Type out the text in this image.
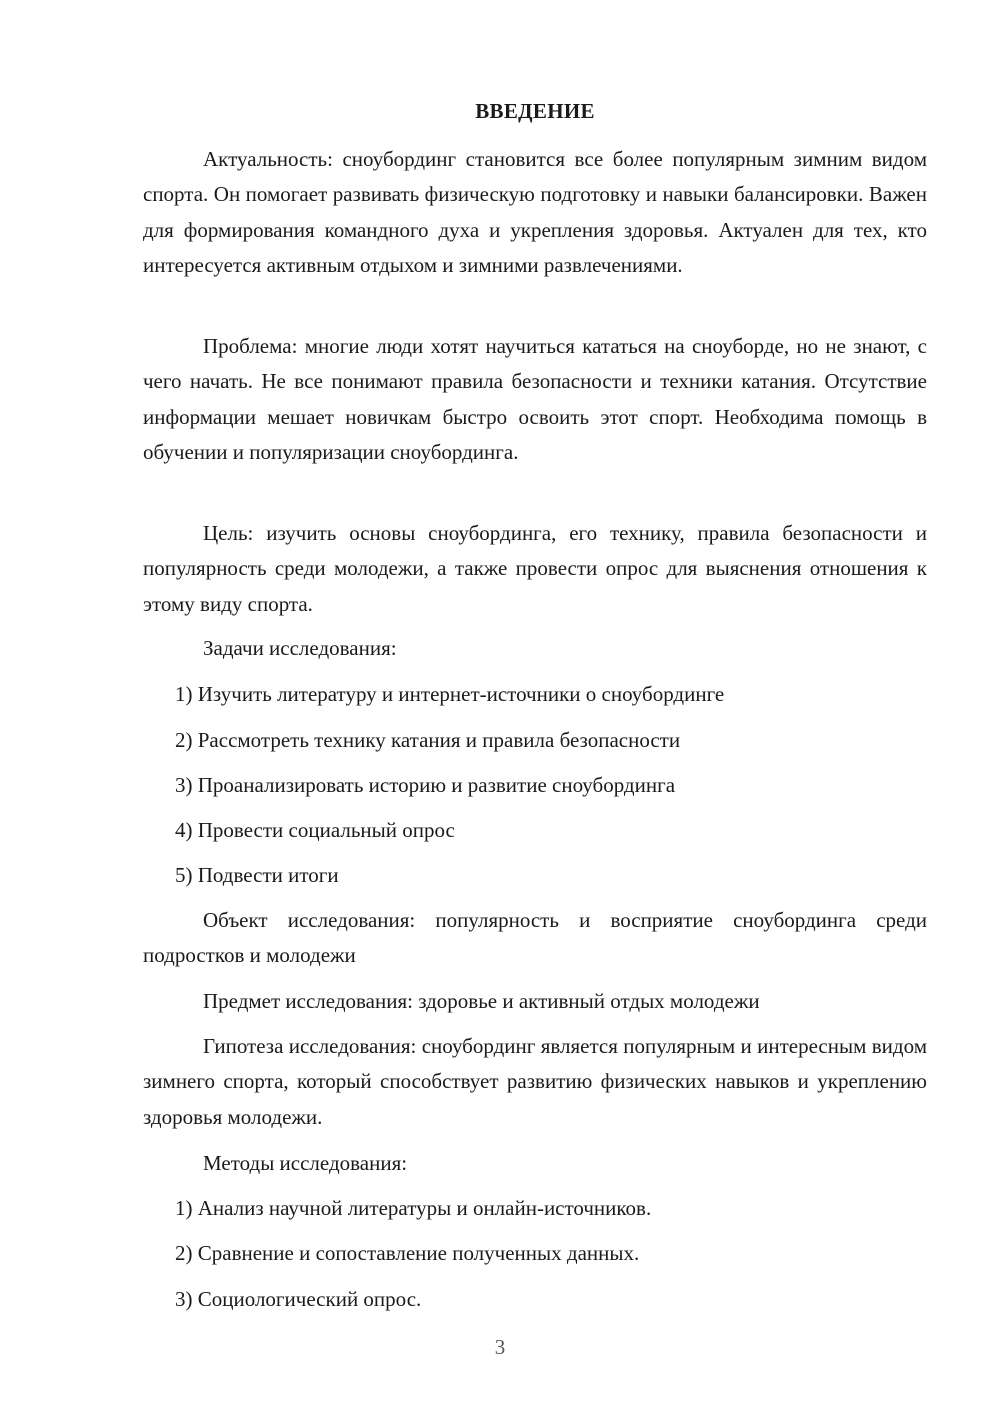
ВВЕДЕНИЕ

Актуальность: сноубординг становится все более популярным зимним видом спорта. Он помогает развивать физическую подготовку и навыки балансировки. Важен для формирования командного духа и укрепления здоровья. Актуален для тех, кто интересуется активным отдыхом и зимними развлечениями.

Проблема: многие люди хотят научиться кататься на сноуборде, но не знают, с чего начать. Не все понимают правила безопасности и техники катания. Отсутствие информации мешает новичкам быстро освоить этот спорт. Необходима помощь в обучении и популяризации сноубординга.

Цель: изучить основы сноубординга, его технику, правила безопасности и популярность среди молодежи, а также провести опрос для выяснения отношения к этому виду спорта.

Задачи исследования:

1) Изучить литературу и интернет-источники о сноубординге

2) Рассмотреть технику катания и правила безопасности

3) Проанализировать историю и развитие сноубординга

4) Провести социальный опрос

5) Подвести итоги

Объект исследования: популярность и восприятие сноубординга среди подростков и молодежи

Предмет исследования: здоровье и активный отдых молодежи

Гипотеза исследования: сноубординг является популярным и интересным видом зимнего спорта, который способствует развитию физических навыков и укреплению здоровья молодежи.

Методы исследования:

1) Анализ научной литературы и онлайн-источников.

2) Сравнение и сопоставление полученных данных.

3) Социологический опрос.

3
